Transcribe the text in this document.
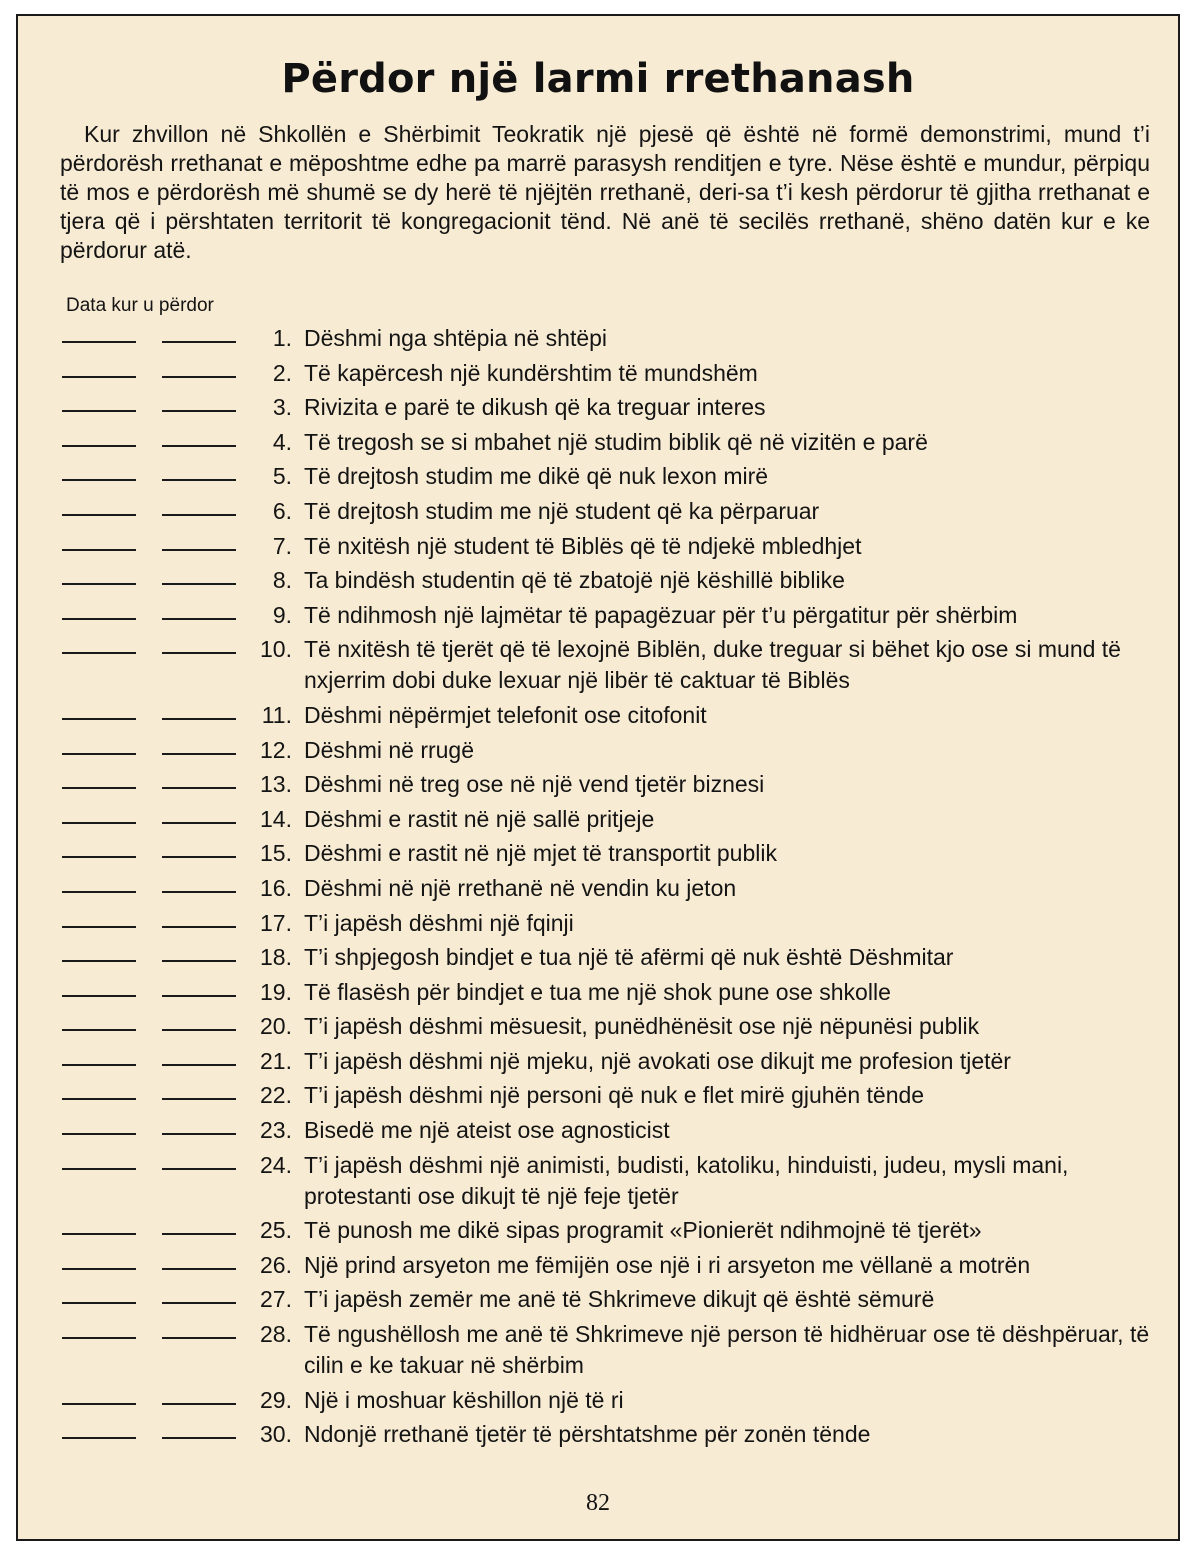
Përdor një larmi rrethanash

Kur zhvillon në Shkollën e Shërbimit Teokratik një pjesë që është në formë demonstrimi, mund t’i përdorësh rrethanat e mëposhtme edhe pa marrë parasysh renditjen e tyre. Nëse është e mundur, përpiqu të mos e përdorësh më shumë se dy herë të njëjtën rrethanë, deri-sa t’i kesh përdorur të gjitha rrethanat e tjera që i përshtaten territorit të kongregacionit tënd. Në anë të secilës rrethanë, shëno datën kur e ke përdorur atë.

Data kur u përdor
1. Dëshmi nga shtëpia në shtëpi
2. Të kapërcesh një kundërshtim të mundshëm
3. Rivizita e parë te dikush që ka treguar interes
4. Të tregosh se si mbahet një studim biblik që në vizitën e parë
5. Të drejtosh studim me dikë që nuk lexon mirë
6. Të drejtosh studim me një student që ka përparuar
7. Të nxitësh një student të Biblës që të ndjekë mbledhjet
8. Ta bindësh studentin që të zbatojë një këshillë biblike
9. Të ndihmosh një lajmëtar të papagëzuar për t’u përgatitur për shërbim
10. Të nxitësh të tjerët që të lexojnë Biblën, duke treguar si bëhet kjo ose si mund të nxjerrim dobi duke lexuar një libër të caktuar të Biblës
11. Dëshmi nëpërmjet telefonit ose citofonit
12. Dëshmi në rrugë
13. Dëshmi në treg ose në një vend tjetër biznesi
14. Dëshmi e rastit në një sallë pritjeje
15. Dëshmi e rastit në një mjet të transportit publik
16. Dëshmi në një rrethanë në vendin ku jeton
17. T’i japësh dëshmi një fqinji
18. T’i shpjegosh bindjet e tua një të afërmi që nuk është Dëshmitar
19. Të flasësh për bindjet e tua me një shok pune ose shkolle
20. T’i japësh dëshmi mësuesit, punëdhënësit ose një nëpunësi publik
21. T’i japësh dëshmi një mjeku, një avokati ose dikujt me profesion tjetër
22. T’i japësh dëshmi një personi që nuk e flet mirë gjuhën tënde
23. Bisedë me një ateist ose agnosticist
24. T’i japësh dëshmi një animisti, budisti, katoliku, hinduisti, judeu, mysli mani, protestanti ose dikujt të një feje tjetër
25. Të punosh me dikë sipas programit «Pionierët ndihmojnë të tjerët»
26. Një prind arsyeton me fëmijën ose një i ri arsyeton me vëllanë a motrën
27. T’i japësh zemër me anë të Shkrimeve dikujt që është sëmurë
28. Të ngushëllosh me anë të Shkrimeve një person të hidhëruar ose të dëshpëruar, të cilin e ke takuar në shërbim
29. Një i moshuar këshillon një të ri
30. Ndonjë rrethanë tjetër të përshtatshme për zonën tënde
82
